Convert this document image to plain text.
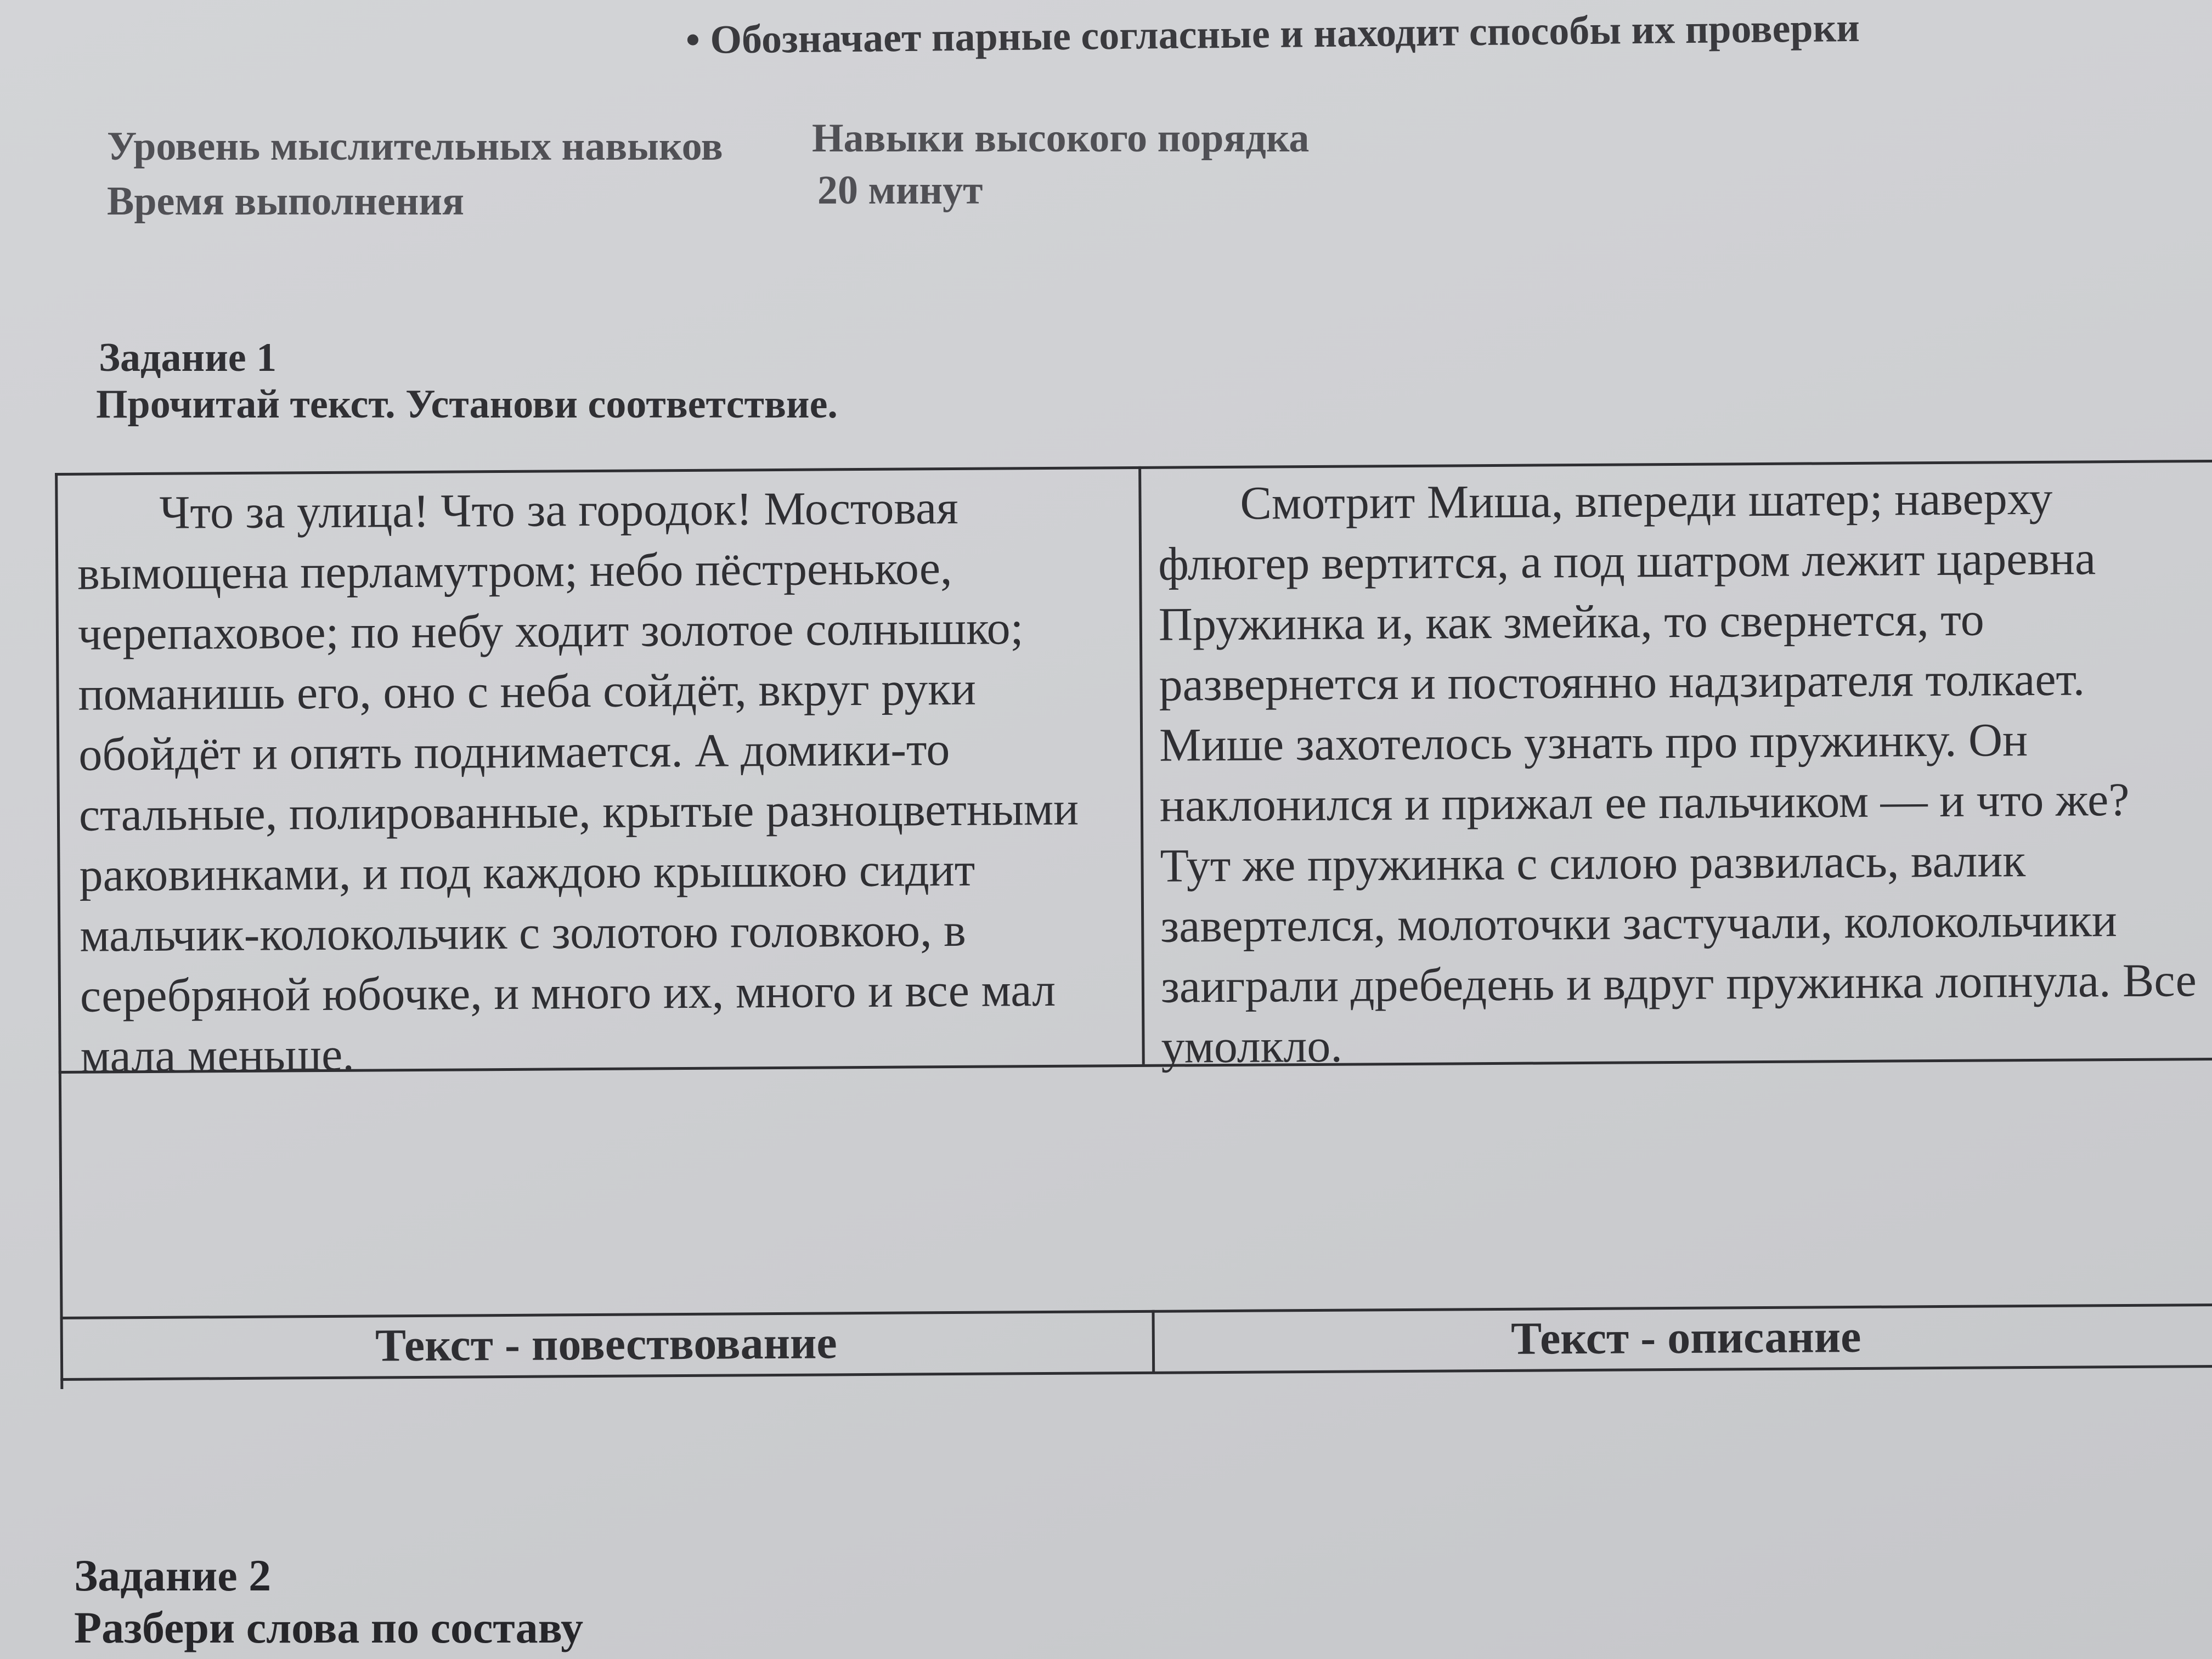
• Обозначает парные согласные и находит способы их проверки
Уровень мыслительных навыков Навыки высокого порядка
Время выполнения	20 минут
Задание 1
Прочитай текст. Установи соответствие.

Что за улица! Что за городок! Мостовая вымощена перламутром; небо пёстренькое, черепаховое; по небу ходит золотое солнышко; поманишь его, оно с неба сойдёт, вкруг руки обойдёт и опять поднимается. А домики-то стальные, полированные, крытые разноцветными раковинками, и под каждою крышкою сидит мальчик-колокольчик с золотою головкою, в серебряной юбочке, и много их, много и все мал мала меньше.

Смотрит Миша, впереди шатер; наверху флюгер вертится, а под шатром лежит царевна Пружинка и, как змейка, то свернется, то развернется и постоянно надзирателя толкает. Мише захотелось узнать про пружинку. Он наклонился и прижал ее пальчиком — и что же? Тут же пружинка с силою развилась, валик завертелся, молоточки застучали, колокольчики заиграли дребедень и вдруг пружинка лопнула. Все умолкло.

Текст - повествование	Текст - описание
Задание 2
Разбери слова по составу
